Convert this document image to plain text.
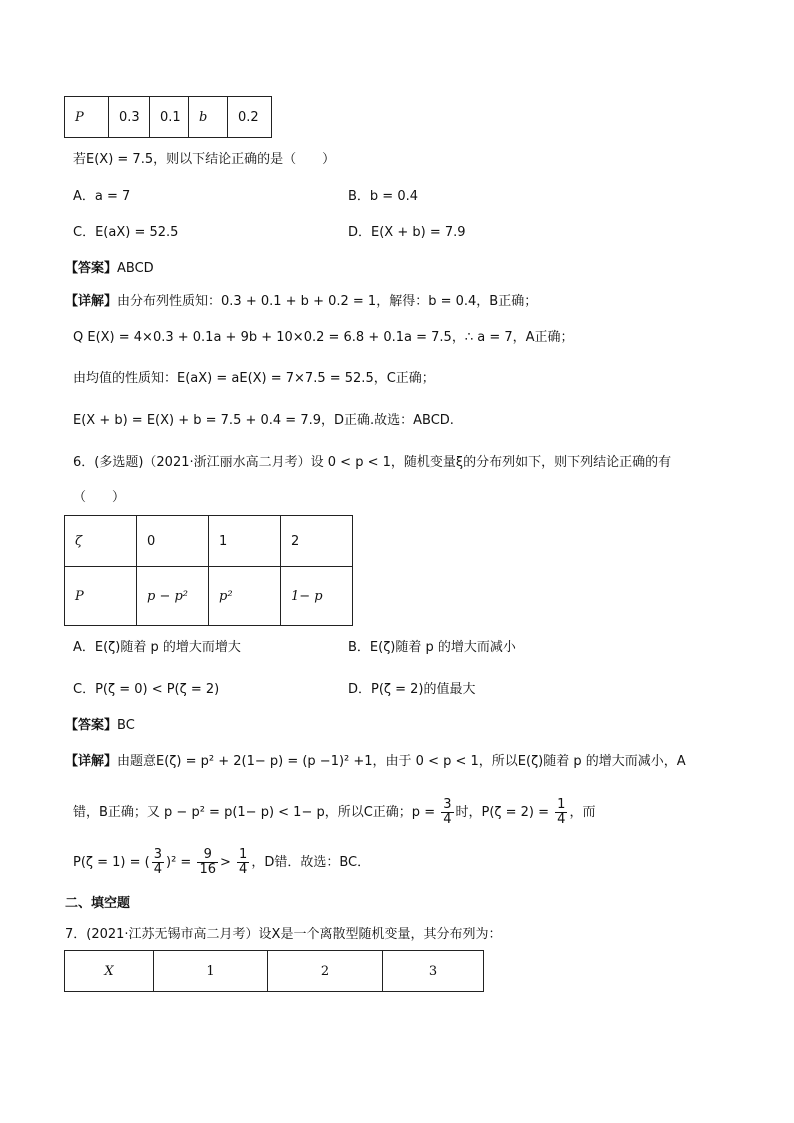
P	0.3	0.1	b	0.2
若E(X) = 7.5，则以下结论正确的是（　　）
A．a = 7	B．b = 0.4
C．E(aX) = 52.5	D．E(X + b) = 7.9
【答案】ABCD
【详解】由分布列性质知：0.3 + 0.1 + b + 0.2 = 1，解得：b = 0.4，B正确；
Q E(X) = 4×0.3 + 0.1a + 9b + 10×0.2 = 6.8 + 0.1a = 7.5，∴ a = 7，A正确；
由均值的性质知：E(aX) = aE(X) = 7×7.5 = 52.5，C正确；
E(X + b) = E(X) + b = 7.5 + 0.4 = 7.9，D正确.故选：ABCD.
6．(多选题)（2021·浙江丽水高二月考）设 0 < p < 1，随机变量ξ的分布列如下，则下列结论正确的有
（　　）
ζ	0	1	2
P	p − p²	p²	1− p
A．E(ζ)随着 p 的增大而增大	B．E(ζ)随着 p 的增大而减小
C．P(ζ = 0) < P(ζ = 2)	D．P(ζ = 2)的值最大
【答案】BC
【详解】由题意E(ζ) = p² + 2(1− p) = (p −1)² +1，由于 0 < p < 1，所以E(ζ)随着 p 的增大而减小，A
错，B正确；又 p − p² = p(1− p) < 1− p，所以C正确；$p = \frac{3}{4}$ 时，$P(\zeta = 2) = \frac{1}{4}$ ，而
P(ζ = 1) = ( $\frac{3}{4} )^2 = \frac{9}{16} > \frac{1}{4}$ ，D错．故选：BC．
二、填空题
7．(2021·江苏无锡市高二月考）设X是一个离散型随机变量，其分布列为：
X	1	2	3
